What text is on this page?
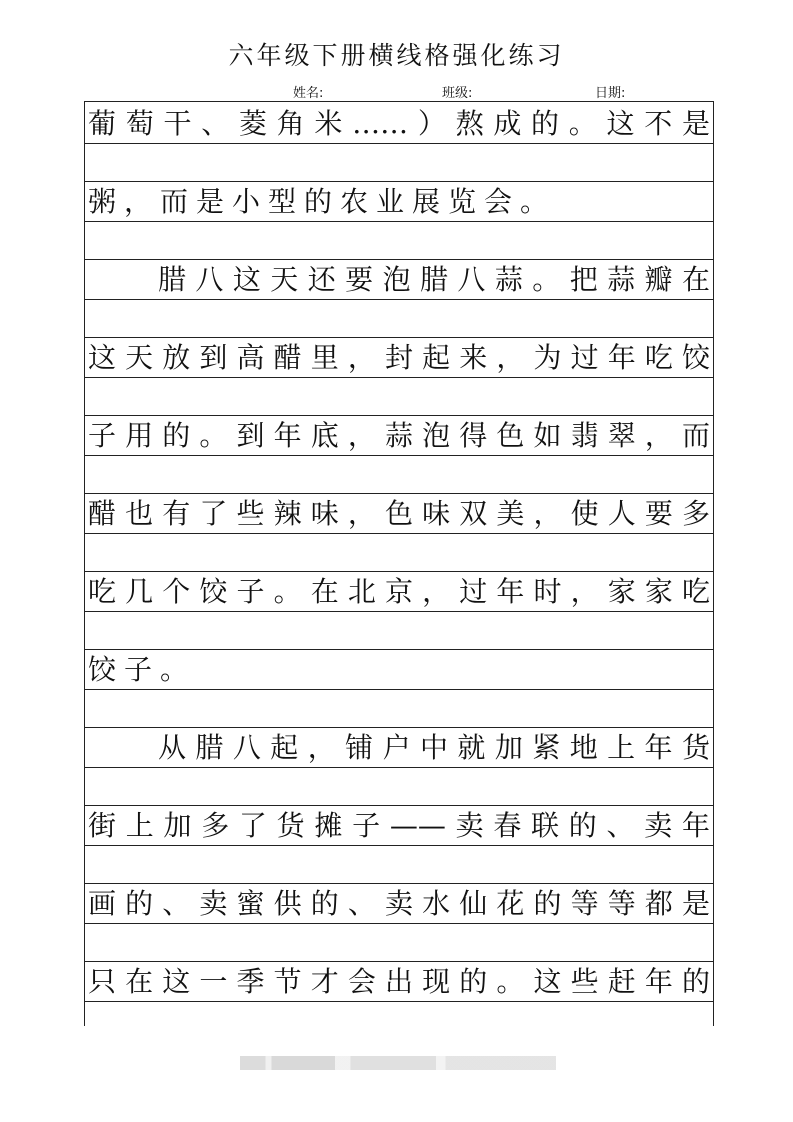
六年级下册横线格强化练习
姓名:	班级:	日期:
葡萄干、菱角米……）熬成的。这不是
粥，而是小型的农业展览会。
腊八这天还要泡腊八蒜。把蒜瓣在
这天放到高醋里，封起来，为过年吃饺
子用的。到年底，蒜泡得色如翡翠，而
醋也有了些辣味，色味双美，使人要多
吃几个饺子。在北京，过年时，家家吃
饺子。
从腊八起，铺户中就加紧地上年货
街上加多了货摊子——卖春联的、卖年
画的、卖蜜供的、卖水仙花的等等都是
只在这一季节才会出现的。这些赶年的
